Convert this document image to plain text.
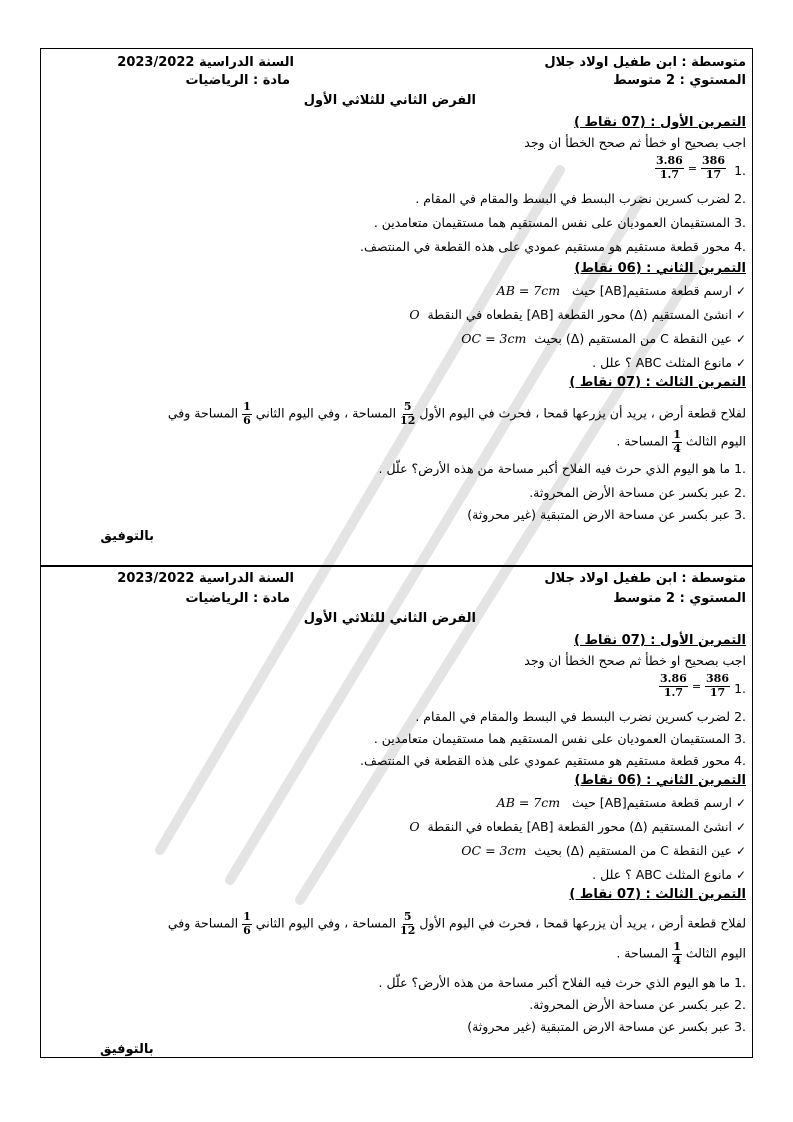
متوسطة : ابن طفيل اولاد جلال
المستوي : 2 متوسط
السنة الدراسية 2023/2022
مادة : الرياضيات
الفرض الثاني للثلاثي الأول
التمرين الأول : (07 نقاط )
اجب بصحيح او خطأ ثم صحح الخطأ ان وجد
.1
$\frac{3.86}{1.7} = \frac{386}{17}$
.2 لضرب كسرين نضرب البسط في البسط والمقام في المقام .
.3 المستقيمان العموديان على نفس المستقيم هما مستقيمان متعامدين .
.4 محور قطعة مستقيم هو مستقيم عمودي على هذه القطعة في المنتصف.
التمرين الثاني : (06 نقاط)
✓ارسم قطعة مستقيم[AB] حيث   AB = 7cm
✓انشئ المستقيم (Δ) محور القطعة [AB] يقطعاه في النقطة  O
✓عين النقطة C من المستقيم (Δ) بحيث  OC = 3cm
✓مانوع المثلث ABC ؟ علل .
التمرين الثالث : (07 نقاط )
لفلاح قطعة أرض ، يريد أن يزرعها قمحا ، فحرث في اليوم الأول
$\frac{5}{12}$
المساحة ، وفي اليوم الثاني
$\frac{1}{6}$
المساحة وفي
اليوم الثالث
$\frac{1}{4}$
المساحة .
.1 ما هو اليوم الذي حرث فيه الفلاح أكبر مساحة من هذه الأرض؟ علّل .
.2 عبر بكسر عن مساحة الأرض المحروثة.
.3 عبر بكسر عن مساحة الارض المتبقية (غير محروثة)
بالتوفيق
متوسطة : ابن طفيل اولاد جلال
المستوي : 2 متوسط
السنة الدراسية 2023/2022
مادة : الرياضيات
الفرض الثاني للثلاثي الأول
التمرين الأول : (07 نقاط )
اجب بصحيح او خطأ ثم صحح الخطأ ان وجد
.1
$\frac{3.86}{1.7} = \frac{386}{17}$
.2 لضرب كسرين نضرب البسط في البسط والمقام في المقام .
.3 المستقيمان العموديان على نفس المستقيم هما مستقيمان متعامدين .
.4 محور قطعة مستقيم هو مستقيم عمودي على هذه القطعة في المنتصف.
التمرين الثاني : (06 نقاط)
✓ارسم قطعة مستقيم[AB] حيث   AB = 7cm
✓انشئ المستقيم (Δ) محور القطعة [AB] يقطعاه في النقطة  O
✓عين النقطة C من المستقيم (Δ) بحيث  OC = 3cm
✓مانوع المثلث ABC ؟ علل .
التمرين الثالث : (07 نقاط )
لفلاح قطعة أرض ، يريد أن يزرعها قمحا ، فحرث في اليوم الأول
$\frac{5}{12}$
المساحة ، وفي اليوم الثاني
$\frac{1}{6}$
المساحة وفي
اليوم الثالث
$\frac{1}{4}$
المساحة .
.1 ما هو اليوم الذي حرث فيه الفلاح أكبر مساحة من هذه الأرض؟ علّل .
.2 عبر بكسر عن مساحة الأرض المحروثة.
.3 عبر بكسر عن مساحة الارض المتبقية (غير محروثة)
بالتوفيق
